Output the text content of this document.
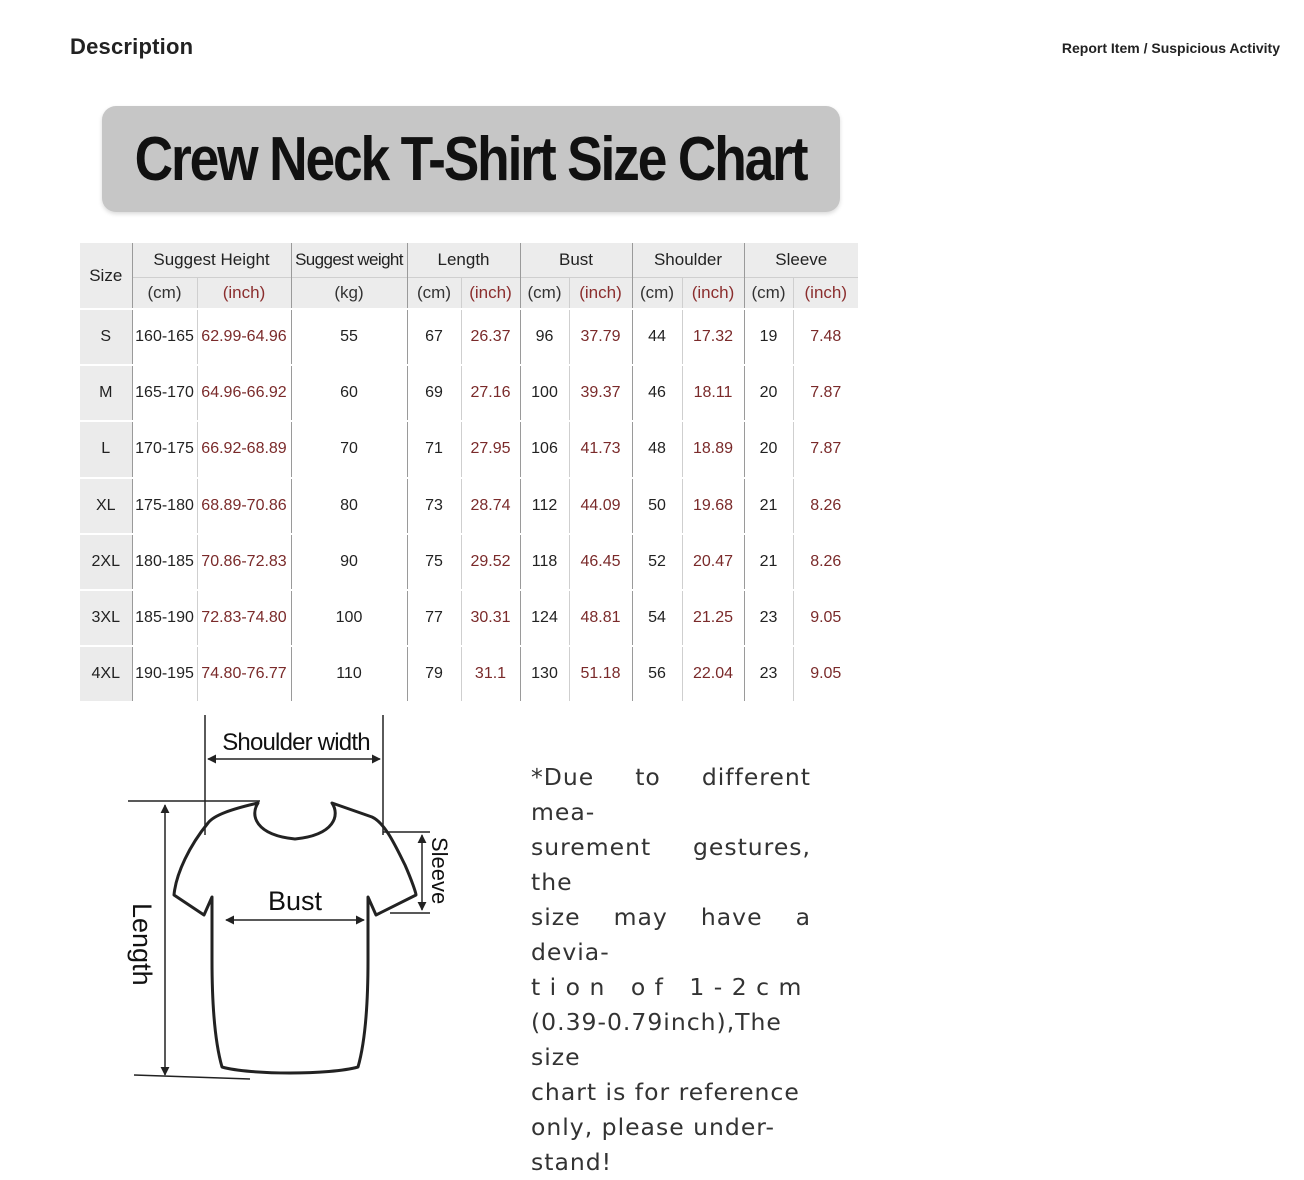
Description	Report Item / Suspicious Activity
Crew Neck T-Shirt Size Chart
Size	Suggest Height		Suggest weight	Length		Bust		Shoulder		Sleeve	
	(cm)	(inch)	(kg)	(cm)	(inch)	(cm)	(inch)	(cm)	(inch)	(cm)	(inch)
S	160-165	62.99-64.96	55	67	26.37	96	37.79	44	17.32	19	7.48
M	165-170	64.96-66.92	60	69	27.16	100	39.37	46	18.11	20	7.87
L	170-175	66.92-68.89	70	71	27.95	106	41.73	48	18.89	20	7.87
XL	175-180	68.89-70.86	80	73	28.74	112	44.09	50	19.68	21	8.26
2XL	180-185	70.86-72.83	90	75	29.52	118	46.45	52	20.47	21	8.26
3XL	185-190	72.83-74.80	100	77	30.31	124	48.81	54	21.25	23	9.05
4XL	190-195	74.80-76.77	110	79	31.1	130	51.18	56	22.04	23	9.05
Shoulder width
Bust	Sleeve
Length
*Due to different mea-
surement gestures, the
size may have a devia-
t i o n   o f   1 - 2 c m
(0.39-0.79inch),The size
chart is for reference
only, please under-
stand!
